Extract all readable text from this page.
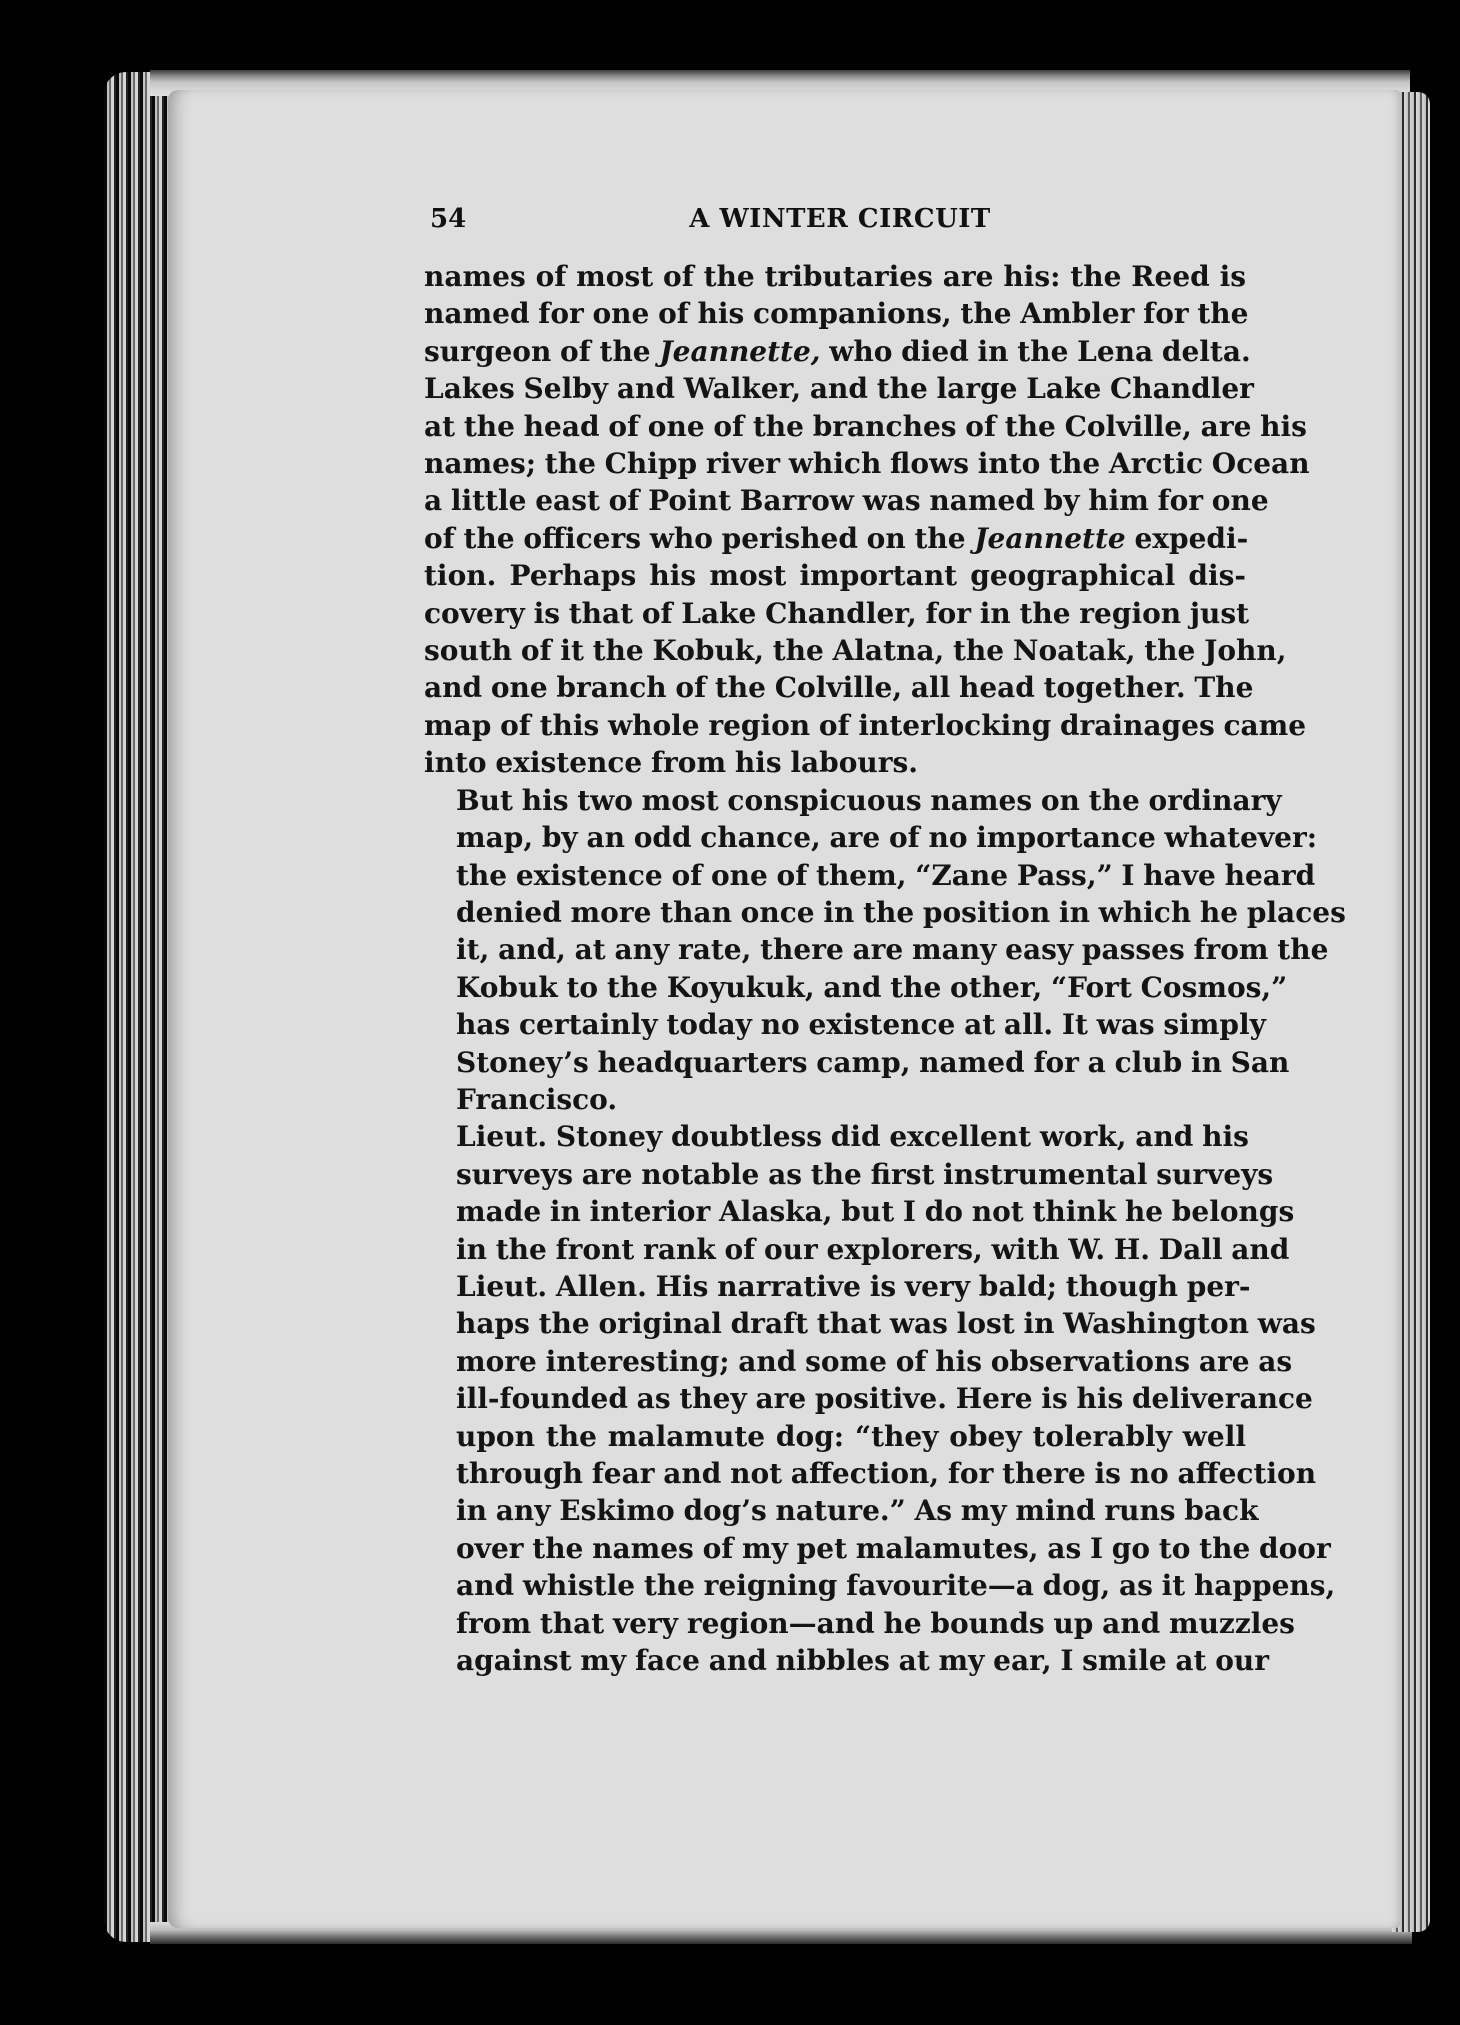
54	A WINTER CIRCUIT

names of most of the tributaries are his: the Reed is
named for one of his companions, the Ambler for the
surgeon of the Jeannette, who died in the Lena delta.
Lakes Selby and Walker, and the large Lake Chandler
at the head of one of the branches of the Colville, are his
names; the Chipp river which flows into the Arctic Ocean
a little east of Point Barrow was named by him for one
of the officers who perished on the Jeannette expedi-
tion. Perhaps his most important geographical dis-
covery is that of Lake Chandler, for in the region just
south of it the Kobuk, the Alatna, the Noatak, the John,
and one branch of the Colville, all head together. The
map of this whole region of interlocking drainages came
into existence from his labours.

But his two most conspicuous names on the ordinary
map, by an odd chance, are of no importance whatever:
the existence of one of them, “Zane Pass,” I have heard
denied more than once in the position in which he places
it, and, at any rate, there are many easy passes from the
Kobuk to the Koyukuk, and the other, “Fort Cosmos,”
has certainly today no existence at all. It was simply
Stoney’s headquarters camp, named for a club in San
Francisco.

Lieut. Stoney doubtless did excellent work, and his
surveys are notable as the first instrumental surveys
made in interior Alaska, but I do not think he belongs
in the front rank of our explorers, with W. H. Dall and
Lieut. Allen. His narrative is very bald; though per-
haps the original draft that was lost in Washington was
more interesting; and some of his observations are as
ill-founded as they are positive. Here is his deliverance
upon the malamute dog: “they obey tolerably well
through fear and not affection, for there is no affection
in any Eskimo dog’s nature.” As my mind runs back
over the names of my pet malamutes, as I go to the door
and whistle the reigning favourite—a dog, as it happens,
from that very region—and he bounds up and muzzles
against my face and nibbles at my ear, I smile at our
